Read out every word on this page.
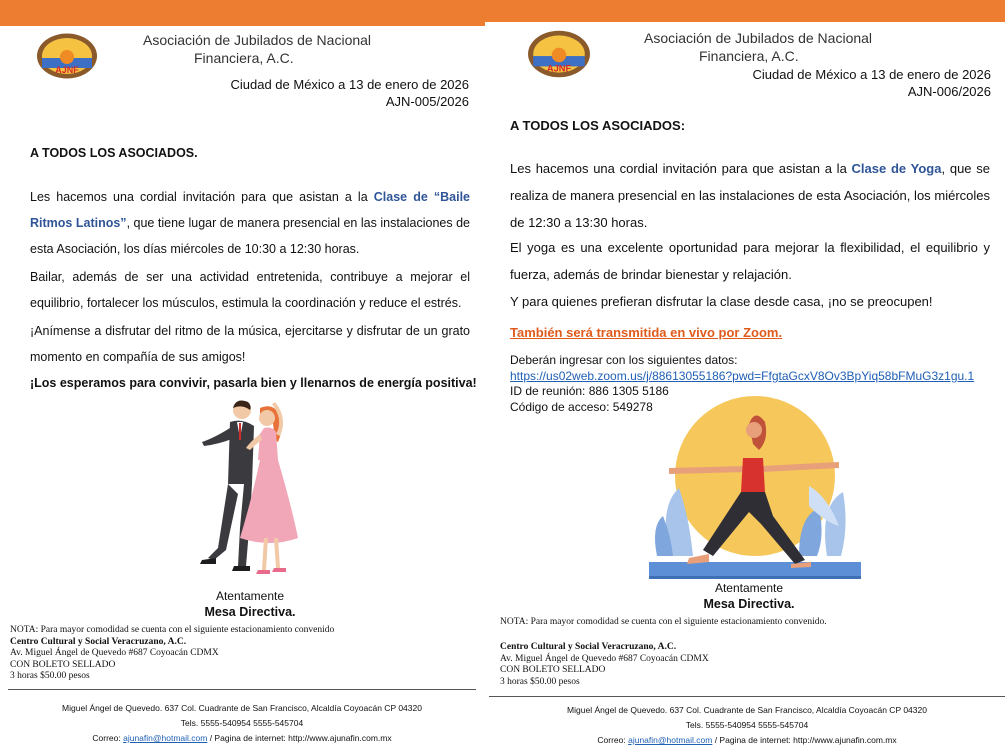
AJNF
Asociación de Jubilados de Nacional
Financiera, A.C.
Ciudad de México a 13 de enero de 2026
AJN-005/2026
A TODOS LOS ASOCIADOS.
Les hacemos una cordial invitación para que asistan a la Clase de “Baile Ritmos Latinos”, que tiene lugar de manera presencial en las instalaciones de esta Asociación, los días miércoles de 10:30 a 12:30 horas.
Bailar, además de ser una actividad entretenida, contribuye a mejorar el equilibrio, fortalecer los músculos, estimula la coordinación y reduce el estrés.
¡Anímense a disfrutar del ritmo de la música, ejercitarse y disfrutar de un grato momento en compañía de sus amigos!
¡Los esperamos para convivir, pasarla bien y llenarnos de energía positiva!
Atentamente
Mesa Directiva.
NOTA: Para mayor comodidad se cuenta con el siguiente estacionamiento convenido
Centro Cultural y Social Veracruzano, A.C.
Av. Miguel Ángel de Quevedo #687 Coyoacán CDMX
CON BOLETO SELLADO
3 horas $50.00 pesos
Miguel Ángel de Quevedo. 637 Col. Cuadrante de San Francisco, Alcaldía Coyoacán CP 04320
Tels. 5555-540954 5555-545704
Correo: ajunafin@hotmail.com / Pagina de internet: http://www.ajunafin.com.mx
AJNF
Asociación de Jubilados de Nacional
Financiera, A.C.
Ciudad de México a 13 de enero de 2026
AJN-006/2026
A TODOS LOS ASOCIADOS:
Les hacemos una cordial invitación para que asistan a la Clase de Yoga, que se realiza de manera presencial en las instalaciones de esta Asociación, los miércoles de 12:30 a 13:30 horas.
El yoga es una excelente oportunidad para mejorar la flexibilidad, el equilibrio y fuerza, además de brindar bienestar y relajación.
Y para quienes prefieran disfrutar la clase desde casa, ¡no se preocupen!
También será transmitida en vivo por Zoom.
Deberán ingresar con los siguientes datos:
https://us02web.zoom.us/j/88613055186?pwd=FfgtaGcxV8Ov3BpYiq58bFMuG3z1gu.1
ID de reunión: 886 1305 5186
Código de acceso: 549278
Atentamente
Mesa Directiva.
NOTA: Para mayor comodidad se cuenta con el siguiente estacionamiento convenido.
Centro Cultural y Social Veracruzano, A.C.
Av. Miguel Ángel de Quevedo #687 Coyoacán CDMX
CON BOLETO SELLADO
3 horas $50.00 pesos
Miguel Ángel de Quevedo. 637 Col. Cuadrante de San Francisco, Alcaldía Coyoacán CP 04320
Tels. 5555-540954 5555-545704
Correo: ajunafin@hotmail.com / Pagina de internet: http://www.ajunafin.com.mx
